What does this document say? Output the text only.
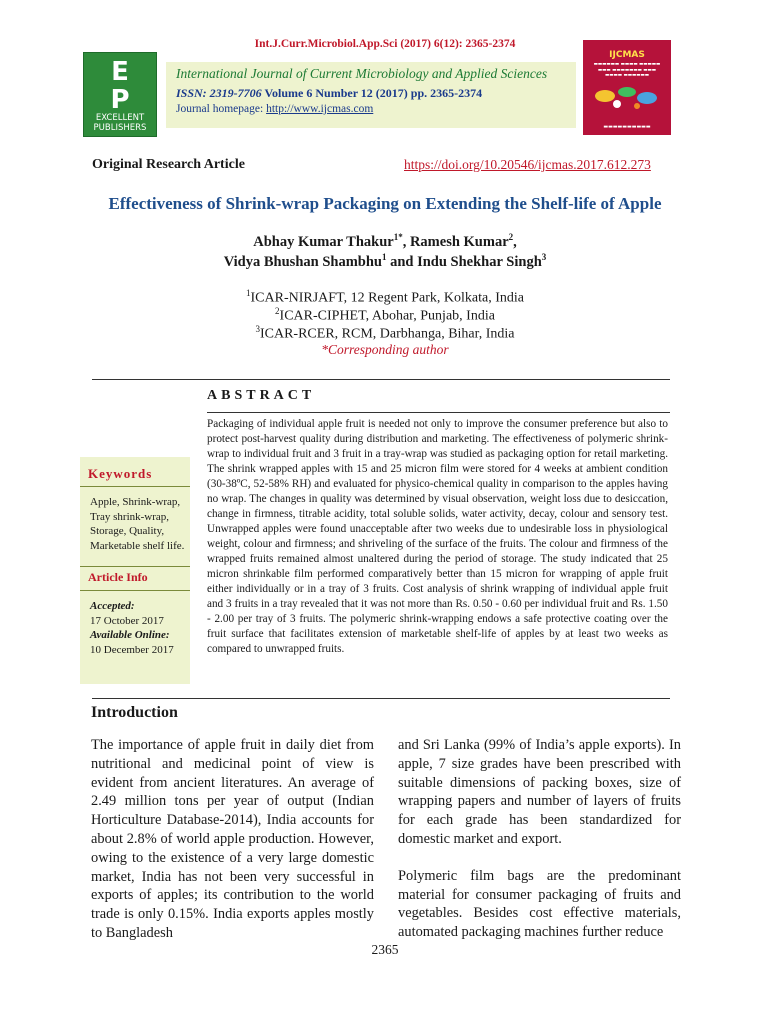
Int.J.Curr.Microbiol.App.Sci (2017) 6(12): 2365-2374
E
P
EXCELLENT PUBLISHERS
International Journal of Current Microbiology and Applied Sciences
ISSN: 2319-7706 Volume 6 Number 12 (2017) pp. 2365-2374
Journal homepage: http://www.ijcmas.com
IJCMAS
▬▬▬▬▬▬ ▬▬▬▬ ▬▬▬▬▬
▬▬▬ ▬▬▬▬▬▬▬ ▬▬▬
▬▬▬▬ ▬▬▬▬▬▬
▬▬▬▬▬▬▬▬▬▬
Original Research Article	https://doi.org/10.20546/ijcmas.2017.612.273
Effectiveness of Shrink-wrap Packaging on Extending the Shelf-life of Apple
Abhay Kumar Thakur$^{1*}$, Ramesh Kumar$^2$,
Vidya Bhushan Shambhu$^1$ and Indu Shekhar Singh$^3$
$^1$ICAR-NIRJAFT, 12 Regent Park, Kolkata, India
$^2$ICAR-CIPHET, Abohar, Punjab, India
$^3$ICAR-RCER, RCM, Darbhanga, Bihar, India
*Corresponding author
ABSTRACT
Packaging of individual apple fruit is needed not only to improve the consumer preference but also to protect post-harvest quality during distribution and marketing. The effectiveness of polymeric shrink-wrap to individual fruit and 3 fruit in a tray-wrap was studied as packaging option for retail marketing. The shrink wrapped apples with 15 and 25 micron film were stored for 4 weeks at ambient condition (30-38ºC, 52-58% RH) and evaluated for physico-chemical quality in comparison to the apples having no wrap. The changes in quality was determined by visual observation, weight loss due to desiccation, change in firmness, titrable acidity, total soluble solids, water activity, decay, colour and sensory test. Unwrapped apples were found unacceptable after two weeks due to undesirable loss in physiological weight, colour and firmness; and shriveling of the surface of the fruits. The colour and firmness of the wrapped fruits remained almost unaltered during the period of storage. The study indicated that 25 micron shrinkable film performed comparatively better than 15 micron for wrapping of apple fruit either individually or in a tray of 3 fruits. Cost analysis of shrink wrapping of individual apple fruit and 3 fruits in a tray revealed that it was not more than Rs. 0.50 - 0.60 per individual fruit and Rs. 1.50 - 2.00 per tray of 3 fruits. The polymeric shrink-wrapping endows a safe protective coating over the fruit surface that facilitates extension of marketable shelf-life of apples by at least two weeks as compared to unwrapped fruits.
Keywords
Apple, Shrink-wrap, Tray shrink-wrap, Storage, Quality, Marketable shelf life.
Article Info
Accepted:
17 October 2017
Available Online:
10 December 2017
Introduction

The importance of apple fruit in daily diet from nutritional and medicinal point of view is evident from ancient literatures. An average of 2.49 million tons per year of output (Indian Horticulture Database-2014), India accounts for about 2.8% of world apple production. However, owing to the existence of a very large domestic market, India has not been very successful in exports of apples; its contribution to the world trade is only 0.15%. India exports apples mostly to Bangladesh

and Sri Lanka (99% of India’s apple exports). In apple, 7 size grades have been prescribed with suitable dimensions of packing boxes, size of wrapping papers and number of layers of fruits for each grade has been standardized for domestic market and export.

Polymeric film bags are the predominant material for consumer packaging of fruits and vegetables. Besides cost effective materials, automated packaging machines further reduce

2365
